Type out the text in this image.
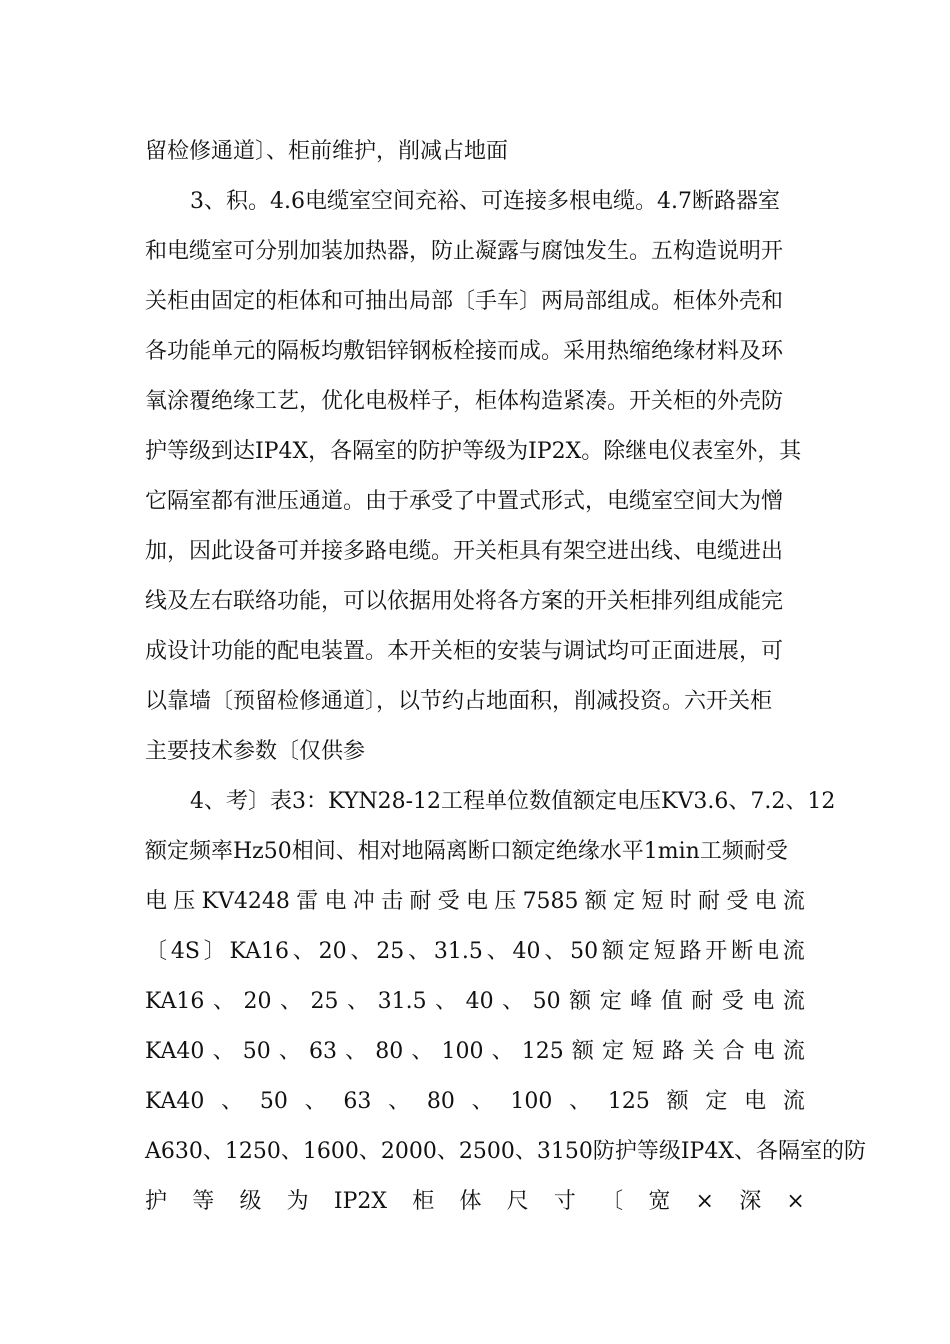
留检修通道〕、柜前维护，削减占地面
3、积。4.6电缆室空间充裕、可连接多根电缆。4.7断路器室
和电缆室可分别加装加热器，防止凝露与腐蚀发生。五构造说明开
关柜由固定的柜体和可抽出局部〔手车〕两局部组成。柜体外壳和
各功能单元的隔板均敷铝锌钢板栓接而成。采用热缩绝缘材料及环
氧涂覆绝缘工艺，优化电极样子，柜体构造紧凑。开关柜的外壳防
护等级到达IP4X，各隔室的防护等级为IP2X。除继电仪表室外，其
它隔室都有泄压通道。由于承受了中置式形式，电缆室空间大为憎
加，因此设备可并接多路电缆。开关柜具有架空进出线、电缆进出
线及左右联络功能，可以依据用处将各方案的开关柜排列组成能完
成设计功能的配电装置。本开关柜的安装与调试均可正面进展，可
以靠墙〔预留检修通道〕，以节约占地面积，削减投资。六开关柜
主要技术参数〔仅供参
4、考〕表3：KYN28-12工程单位数值额定电压KV3.6、7.2、12
额定频率Hz50相间、相对地隔离断口额定绝缘水平1min工频耐受
电 压 KV4248 雷 电 冲 击 耐 受 电 压 7585 额 定 短 时 耐 受 电 流
〔 4S 〕 KA16 、 20 、 25 、 31.5 、 40 、 50 额 定 短 路 开 断 电 流
KA16 、 20 、 25 、 31.5 、 40 、 50 额 定 峰 值 耐 受 电 流
KA40 、 50 、 63 、 80 、 100 、 125 额 定 短 路 关 合 电 流
KA40 、 50 、 63 、 80 、 100 、 125 额 定 电 流
A630、1250、1600、2000、2500、3150防护等级IP4X、各隔室的防
护 等 级 为 IP2X 柜 体 尺 寸 〔 宽 × 深 ×
